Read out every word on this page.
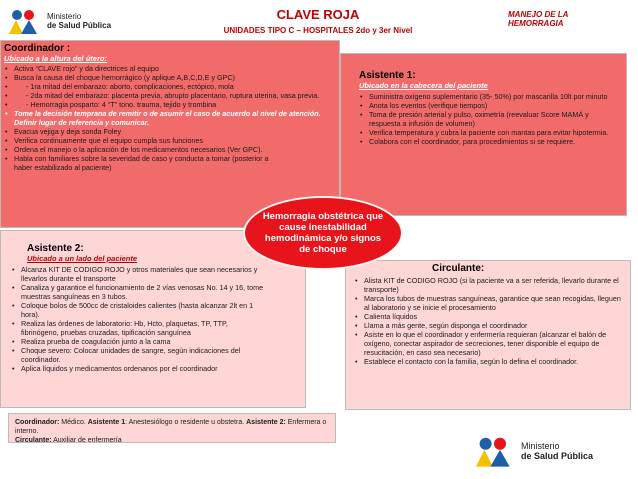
Ministerio
de Salud Pública
CLAVE ROJA
UNIDADES TIPO C – HOSPITALES 2do y 3er Nivel
MANEJO DE LA HEMORRAGIA
Coordinador :
Ubicado a la altura del útero:
• Activa “CLAVE rojo” y da directrices al equipo
• Busca la causa del choque hemorrágico (y aplique A,B,C,D,E y GPC)
• - 1ra mitad del embarazo: aborto, complicaciones, ectópico, mola
• - 2da mitad del embarazo: placenta previa, abrupto placentario, ruptura uterina, vasa previa.
• - Hemorragia posparto: 4 “T” tono. trauma, tejido y trombina
• Tome la decisión temprana de remitir o de asumir el caso de acuerdo al nivel de atención. Definir lugar de referencia y comunicar.
• Evacua vejiga y deja sonda Foley
• Verifica continuamente que el equipo cumpla sus funciones
• Ordena el manejo o la aplicación de los medicamentos necesarios (Ver GPC).
• Habla con familiares sobre la severidad de caso y conducta a tomar (posterior a haber estabilizado al paciente)
Asistente 1:
Ubicado en la cabecera del paciente
• Suministra oxígeno suplementario (35- 50%) por mascarilla 10lt por minuto
• Anota los eventos (verifique tiempos)
• Toma de presión arterial y pulso, oximetría (reevaluar Score MAMÁ y respuesta a infusión de volumen)
• Verifica temperatura y cubra la paciente con mantas para evitar hipotermia.
• Colabora con el coordinador, para procedimientos si se requiere.
Asistente 2:
Ubicado a un lado del paciente
• Alcanza KIT DE CODIGO ROJO y otros materiales que sean necesarios y llevarlos durante el transporte
• Canaliza y garantice el funcionamiento de 2 vías venosas No. 14 y 16, tome muestras sanguíneas en 3 tubos.
• Coloque bolos de 500cc de cristaloides calientes (hasta alcanzar 2lt en 1 hora).
• Realiza las órdenes de laboratorio: Hb, Hcto, plaquetas, TP, TTP, fibrinógeno, pruebas cruzadas, tipificación sanguínea
• Realiza prueba de coagulación junto a la cama
• Choque severo: Colocar unidades de sangre, según indicaciones del coordinador.
• Aplica líquidos y medicamentos ordenanos por el coordinador
Circulante:
• Alista KIT de CODIGO ROJO (si la paciente va a ser referida, llevarlo durante el transporte)
• Marca los tubos de muestras sanguíneas, garantice que sean recogidas, lleguen al laboratorio y se inicie el procesamiento
• Calienta líquidos
• Llama a más gente, según disponga el coordinador
• Asiste en lo que el coordinador y enfermería requieran (alcanzar el balón de oxígeno, conectar aspirador de secreciones, tener disponible el equipo de resucitación, en caso sea necesario)
• Establece el contacto con la familia, según lo defina el coordinador.
Hemorragia obstétrica que cause inestabilidad hemodinámica y/o signos de choque
Coordinador: Médico. Asistente 1: Anestesiólogo o residente u obstetra. Asistente 2: Enfermera o interno.
Circulante: Auxiliar de enfermería
Ministerio
de Salud Pública
